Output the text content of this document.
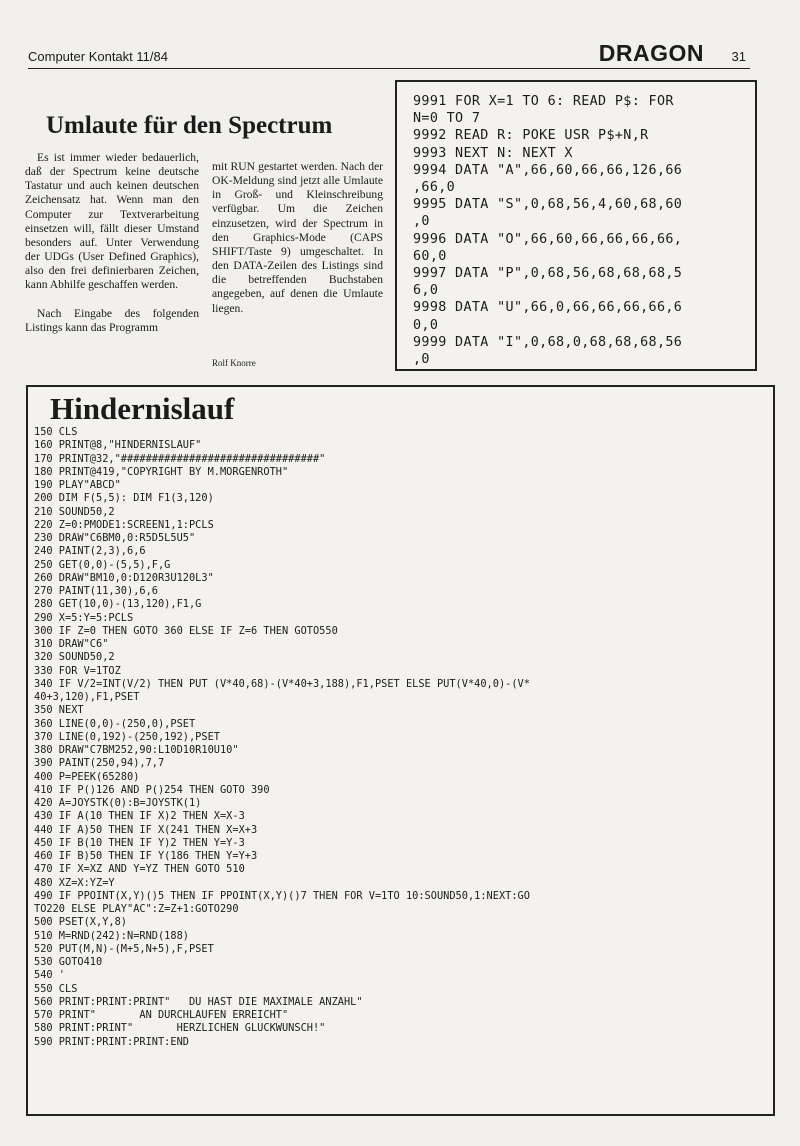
Computer Kontakt 11/84	DRAGON 31
Umlaute für den Spectrum

Es ist immer wieder bedauerlich, daß der Spectrum keine deutsche Tastatur und auch keinen deutschen Zeichensatz hat. Wenn man den Computer zur Textverarbeitung einsetzen will, fällt dieser Umstand besonders auf. Unter Verwendung der UDGs (User Defined Graphics), also den frei definierbaren Zeichen, kann Abhilfe geschaffen werden.

Nach Eingabe des folgenden Listings kann das Programm

mit RUN gestartet werden. Nach der OK-Meldung sind jetzt alle Umlaute in Groß- und Kleinschreibung verfügbar. Um die Zeichen einzusetzen, wird der Spectrum in den Graphics-Mode (CAPS SHIFT/Taste 9) umgeschaltet. In den DATA-Zeilen des Listings sind die betreffenden Buchstaben angegeben, auf denen die Umlaute liegen.

Rolf Knorre
9991 FOR X=1 TO 6: READ P$: FOR
N=0 TO 7
9992 READ R: POKE USR P$+N,R
9993 NEXT N: NEXT X
9994 DATA "A",66,60,66,66,126,66
,66,0
9995 DATA "S",0,68,56,4,60,68,60
,0
9996 DATA "O",66,60,66,66,66,66,
60,0
9997 DATA "P",0,68,56,68,68,68,5
6,0
9998 DATA "U",66,0,66,66,66,66,6
0,0
9999 DATA "I",0,68,0,68,68,68,56
,0
Hindernislauf
150 CLS
160 PRINT@8,"HINDERNISLAUF"
170 PRINT@32,"################################"
180 PRINT@419,"COPYRIGHT BY M.MORGENROTH"
190 PLAY"ABCD"
200 DIM F(5,5): DIM F1(3,120)
210 SOUND50,2
220 Z=0:PMODE1:SCREEN1,1:PCLS
230 DRAW"C6BM0,0:R5D5L5U5"
240 PAINT(2,3),6,6
250 GET(0,0)-(5,5),F,G
260 DRAW"BM10,0:D120R3U120L3"
270 PAINT(11,30),6,6
280 GET(10,0)-(13,120),F1,G
290 X=5:Y=5:PCLS
300 IF Z=0 THEN GOTO 360 ELSE IF Z=6 THEN GOTO550
310 DRAW"C6"
320 SOUND50,2
330 FOR V=1TOZ
340 IF V/2=INT(V/2) THEN PUT (V*40,68)-(V*40+3,188),F1,PSET ELSE PUT(V*40,0)-(V*
40+3,120),F1,PSET
350 NEXT
360 LINE(0,0)-(250,0),PSET
370 LINE(0,192)-(250,192),PSET
380 DRAW"C7BM252,90:L10D10R10U10"
390 PAINT(250,94),7,7
400 P=PEEK(65280)
410 IF P()126 AND P()254 THEN GOTO 390
420 A=JOYSTK(0):B=JOYSTK(1)
430 IF A(10 THEN IF X)2 THEN X=X-3
440 IF A)50 THEN IF X(241 THEN X=X+3
450 IF B(10 THEN IF Y)2 THEN Y=Y-3
460 IF B)50 THEN IF Y(186 THEN Y=Y+3
470 IF X=XZ AND Y=YZ THEN GOTO 510
480 XZ=X:YZ=Y
490 IF PPOINT(X,Y)()5 THEN IF PPOINT(X,Y)()7 THEN FOR V=1TO 10:SOUND50,1:NEXT:GO
TO220 ELSE PLAY"AC":Z=Z+1:GOTO290
500 PSET(X,Y,8)
510 M=RND(242):N=RND(188)
520 PUT(M,N)-(M+5,N+5),F,PSET
530 GOTO410
540 '
550 CLS
560 PRINT:PRINT:PRINT"   DU HAST DIE MAXIMALE ANZAHL"
570 PRINT"       AN DURCHLAUFEN ERREICHT"
580 PRINT:PRINT"       HERZLICHEN GLUCKWUNSCH!"
590 PRINT:PRINT:PRINT:END
